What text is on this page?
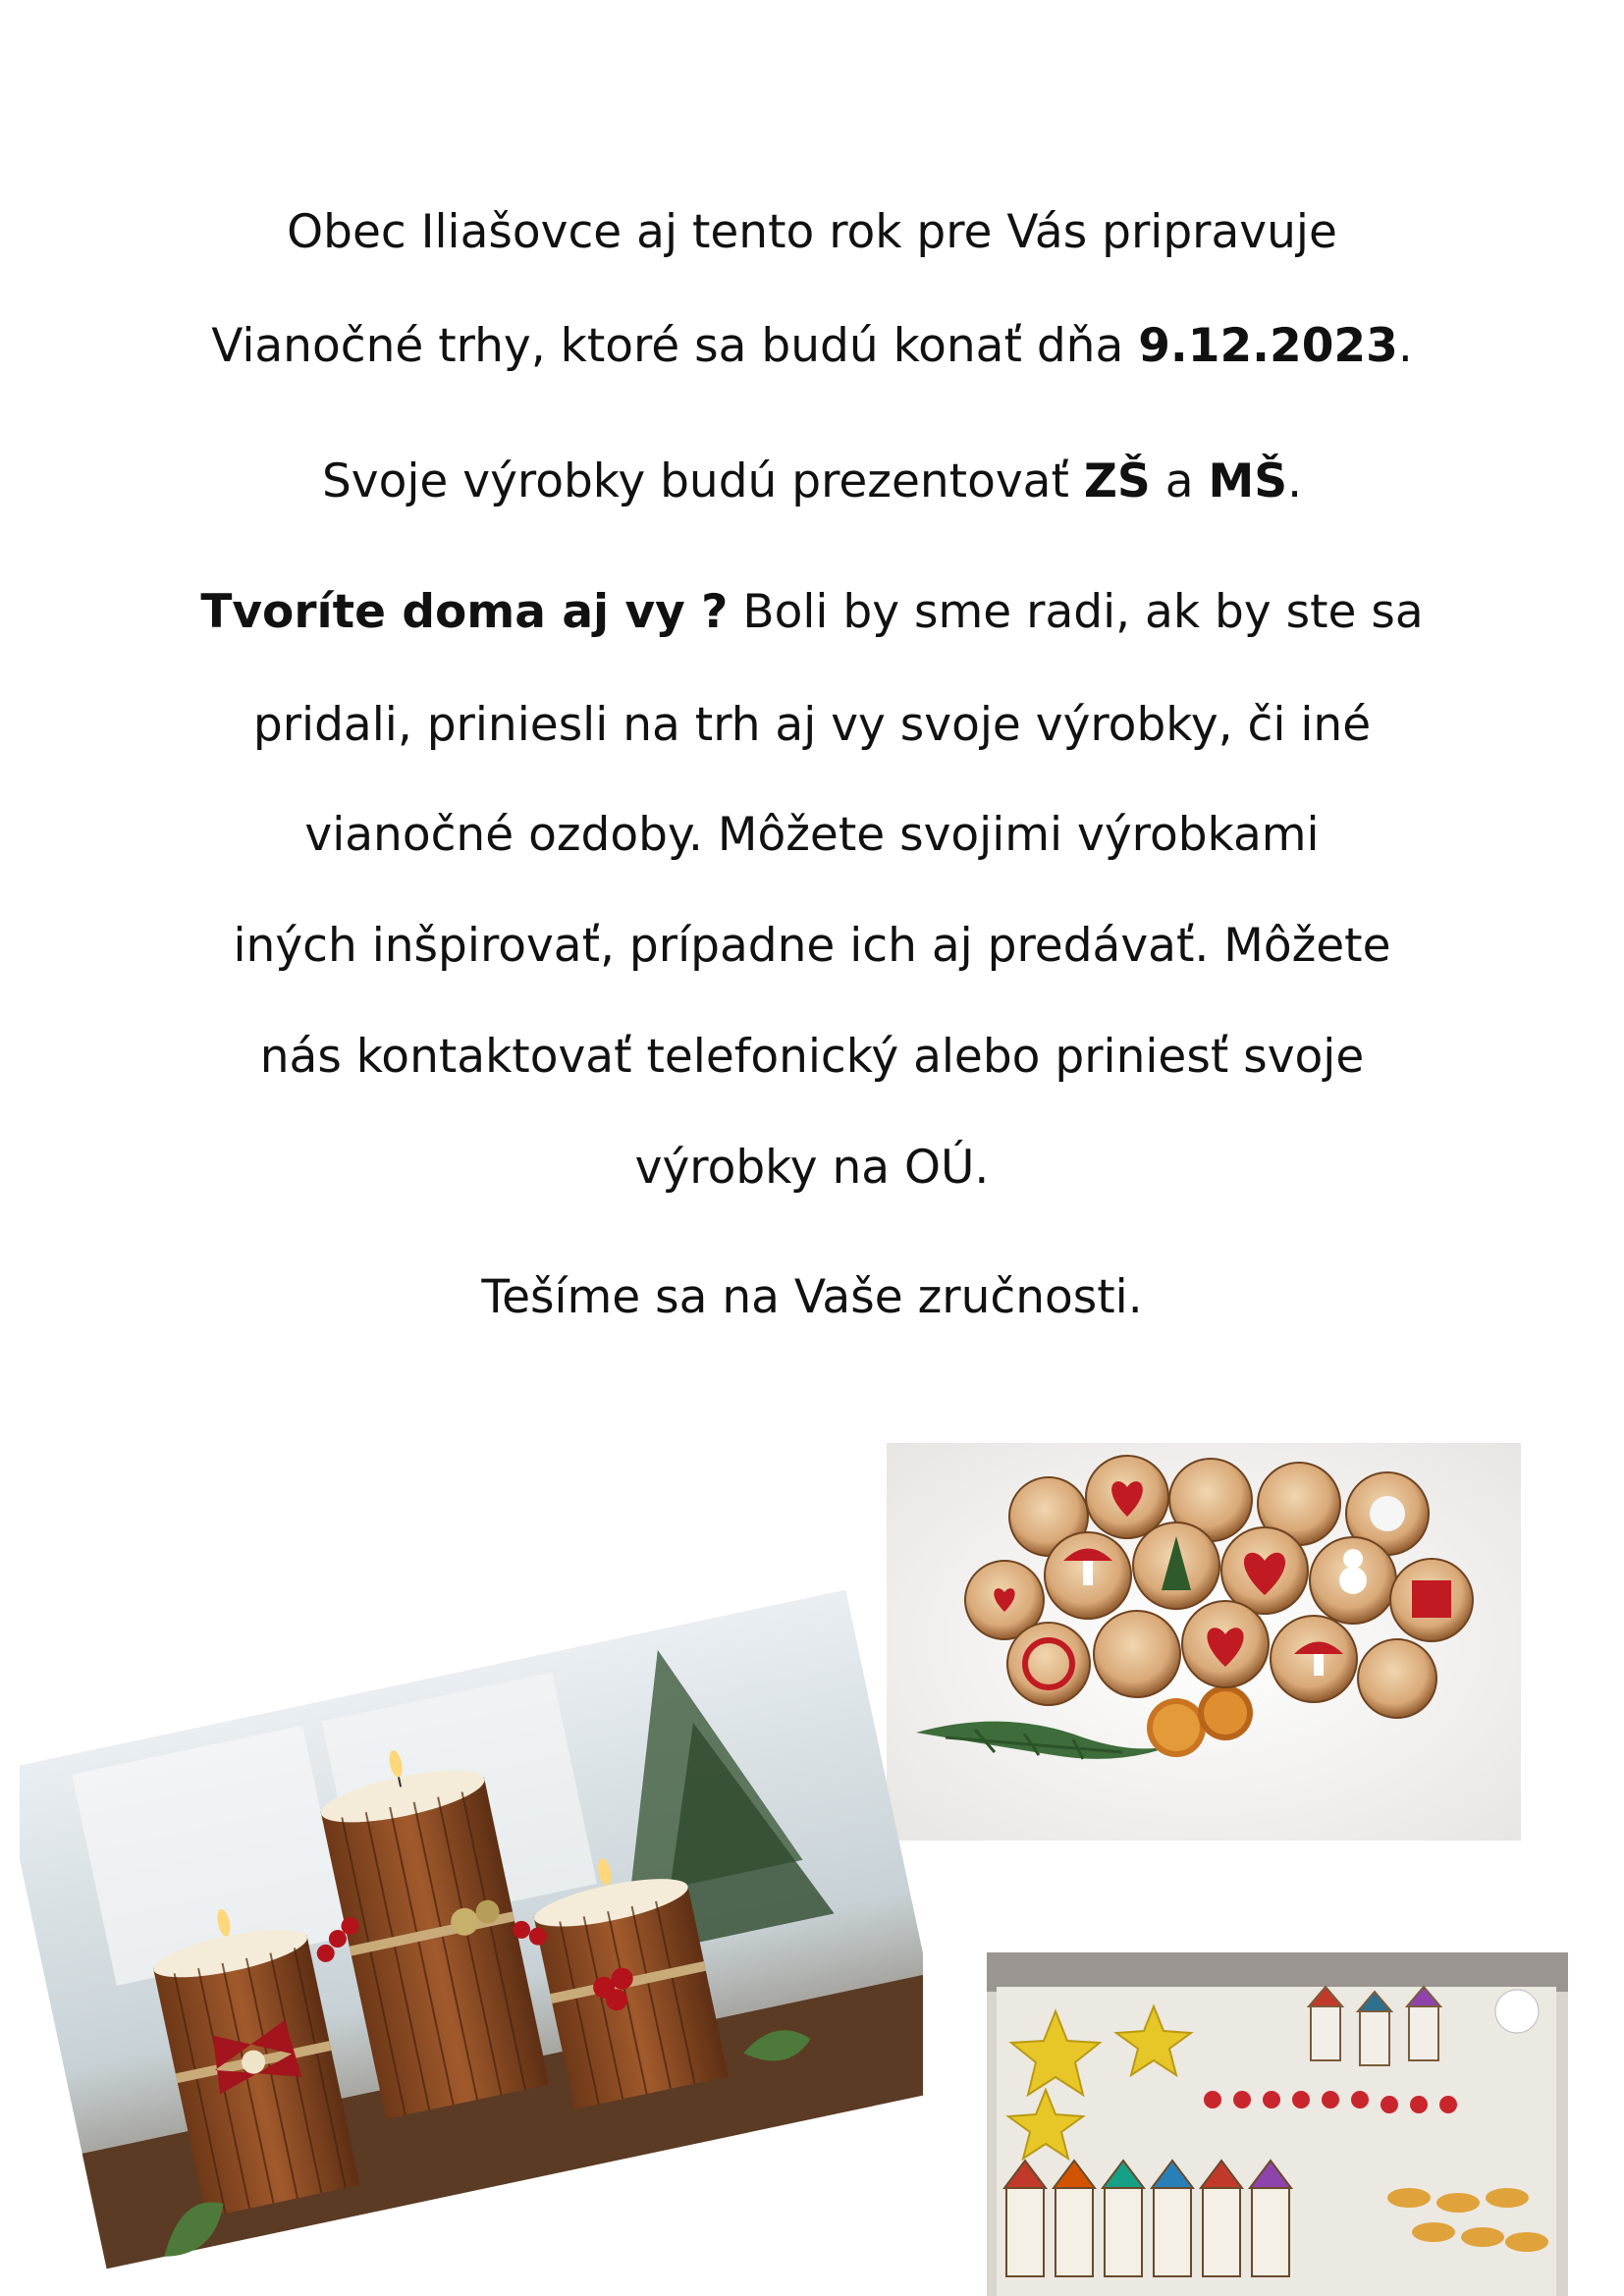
Obec Iliašovce aj tento rok pre Vás pripravuje
Vianočné trhy, ktoré sa budú konať dňa 9.12.2023.
Svoje výrobky budú prezentovať ZŠ a MŠ.
Tvoríte doma aj vy ? Boli by sme radi, ak by ste sa
pridali, priniesli na trh aj vy svoje výrobky, či iné
vianočné ozdoby. Môžete svojimi výrobkami
iných inšpirovať, prípadne ich aj predávať. Môžete
nás kontaktovať telefonický alebo priniesť svoje
výrobky na OÚ.
Tešíme sa na Vaše zručnosti.
